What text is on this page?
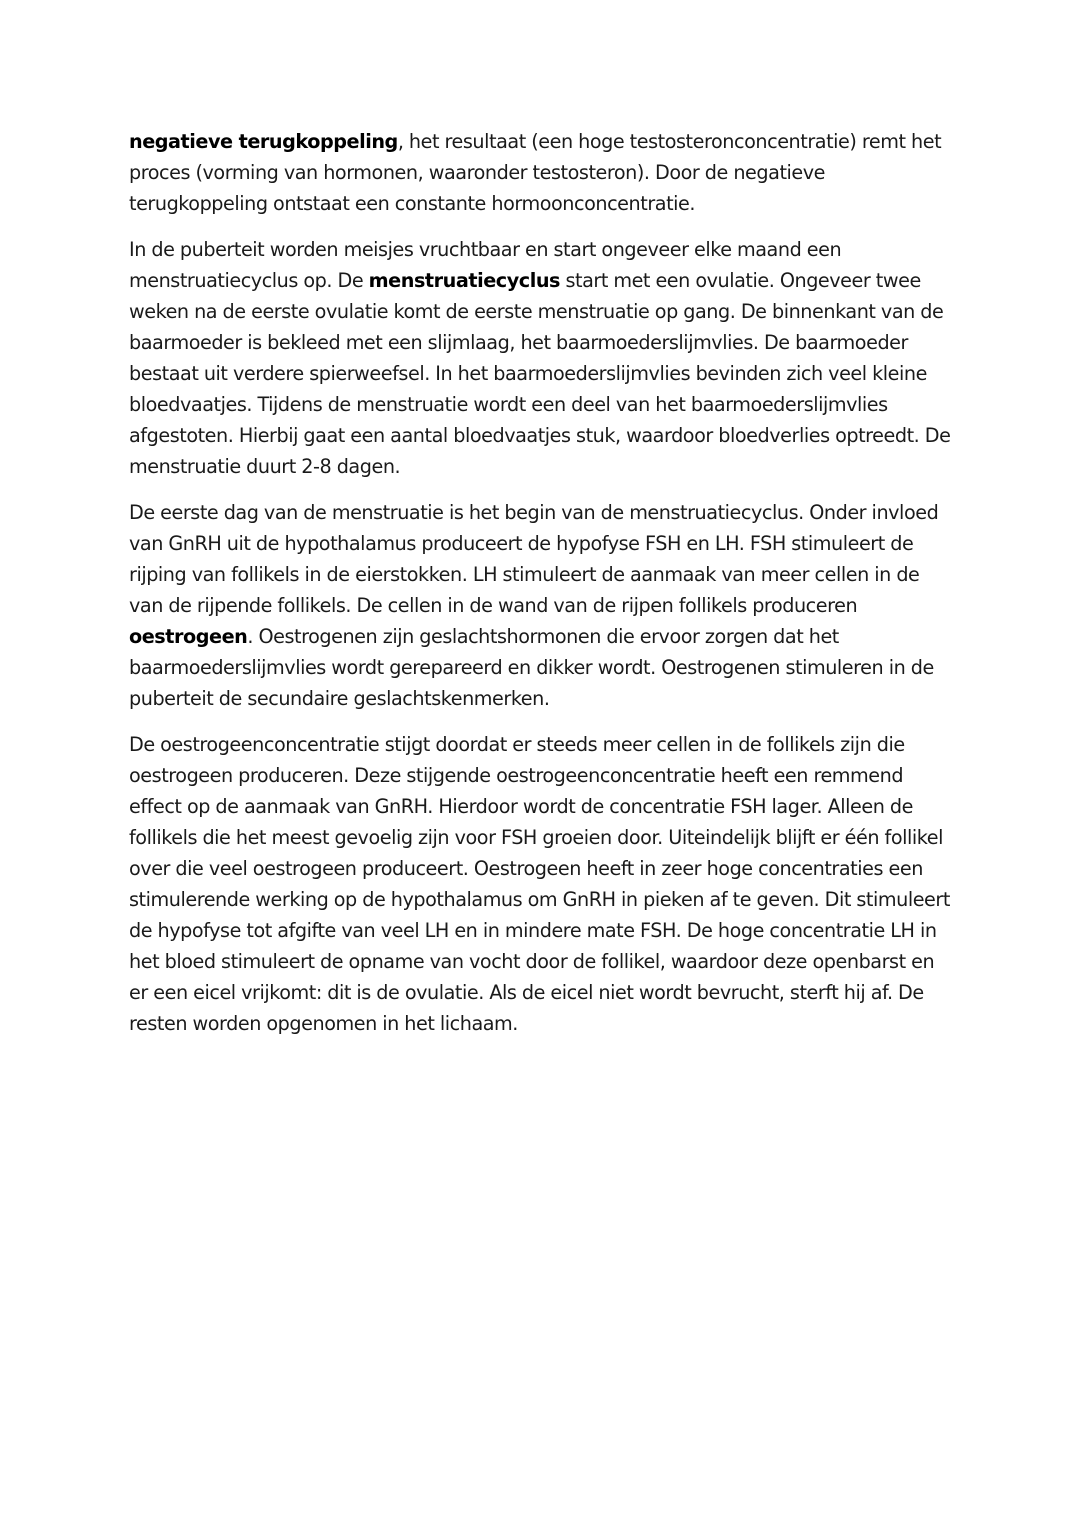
negatieve terugkoppeling, het resultaat (een hoge testosteronconcentratie) remt het proces (vorming van hormonen, waaronder testosteron). Door de negatieve terugkoppeling ontstaat een constante hormoonconcentratie.

In de puberteit worden meisjes vruchtbaar en start ongeveer elke maand een menstruatiecyclus op. De menstruatiecyclus start met een ovulatie. Ongeveer twee weken na de eerste ovulatie komt de eerste menstruatie op gang. De binnenkant van de baarmoeder is bekleed met een slijmlaag, het baarmoederslijmvlies. De baarmoeder bestaat uit verdere spierweefsel. In het baarmoederslijmvlies bevinden zich veel kleine bloedvaatjes. Tijdens de menstruatie wordt een deel van het baarmoederslijmvlies afgestoten. Hierbij gaat een aantal bloedvaatjes stuk, waardoor bloedverlies optreedt. De menstruatie duurt 2-8 dagen.

De eerste dag van de menstruatie is het begin van de menstruatiecyclus. Onder invloed van GnRH uit de hypothalamus produceert de hypofyse FSH en LH. FSH stimuleert de rijping van follikels in de eierstokken. LH stimuleert de aanmaak van meer cellen in de van de rijpende follikels. De cellen in de wand van de rijpen follikels produceren oestrogeen. Oestrogenen zijn geslachtshormonen die ervoor zorgen dat het baarmoederslijmvlies wordt gerepareerd en dikker wordt. Oestrogenen stimuleren in de puberteit de secundaire geslachtskenmerken.

De oestrogeenconcentratie stijgt doordat er steeds meer cellen in de follikels zijn die oestrogeen produceren. Deze stijgende oestrogeenconcentratie heeft een remmend effect op de aanmaak van GnRH. Hierdoor wordt de concentratie FSH lager. Alleen de follikels die het meest gevoelig zijn voor FSH groeien door. Uiteindelijk blijft er één follikel over die veel oestrogeen produceert. Oestrogeen heeft in zeer hoge concentraties een stimulerende werking op de hypothalamus om GnRH in pieken af te geven. Dit stimuleert de hypofyse tot afgifte van veel LH en in mindere mate FSH. De hoge concentratie LH in het bloed stimuleert de opname van vocht door de follikel, waardoor deze openbarst en er een eicel vrijkomt: dit is de ovulatie. Als de eicel niet wordt bevrucht, sterft hij af. De resten worden opgenomen in het lichaam.
